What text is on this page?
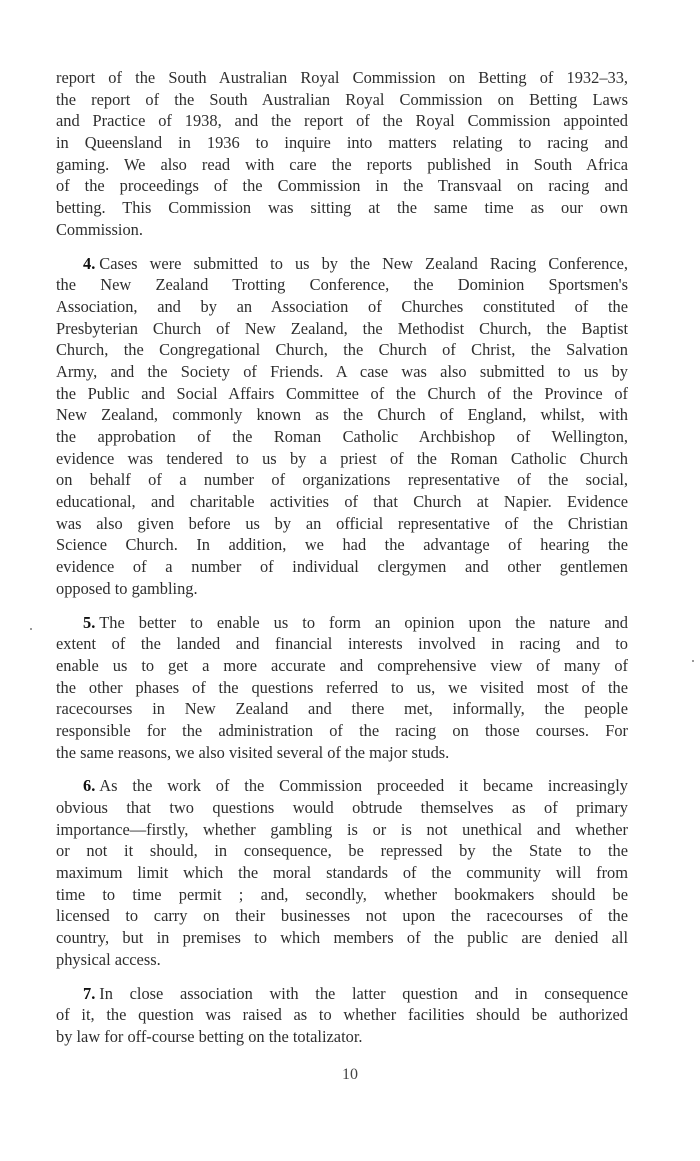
report of the South Australian Royal Commission on Betting of 1932–33,
the report of the South Australian Royal Commission on Betting Laws
and Practice of 1938, and the report of the Royal Commission appointed
in Queensland in 1936 to inquire into matters relating to racing and
gaming. We also read with care the reports published in South Africa
of the proceedings of the Commission in the Transvaal on racing and
betting. This Commission was sitting at the same time as our own
Commission.
4. Cases were submitted to us by the New Zealand Racing Conference,
the New Zealand Trotting Conference, the Dominion Sportsmen's
Association, and by an Association of Churches constituted of the
Presbyterian Church of New Zealand, the Methodist Church, the Baptist
Church, the Congregational Church, the Church of Christ, the Salvation
Army, and the Society of Friends. A case was also submitted to us by
the Public and Social Affairs Committee of the Church of the Province of
New Zealand, commonly known as the Church of England, whilst, with
the approbation of the Roman Catholic Archbishop of Wellington,
evidence was tendered to us by a priest of the Roman Catholic Church
on behalf of a number of organizations representative of the social,
educational, and charitable activities of that Church at Napier. Evidence
was also given before us by an official representative of the Christian
Science Church. In addition, we had the advantage of hearing the
evidence of a number of individual clergymen and other gentlemen
opposed to gambling.
5. The better to enable us to form an opinion upon the nature and
extent of the landed and financial interests involved in racing and to
enable us to get a more accurate and comprehensive view of many of
the other phases of the questions referred to us, we visited most of the
racecourses in New Zealand and there met, informally, the people
responsible for the administration of the racing on those courses. For
the same reasons, we also visited several of the major studs.
6. As the work of the Commission proceeded it became increasingly
obvious that two questions would obtrude themselves as of primary
importance—firstly, whether gambling is or is not unethical and whether
or not it should, in consequence, be repressed by the State to the
maximum limit which the moral standards of the community will from
time to time permit ; and, secondly, whether bookmakers should be
licensed to carry on their businesses not upon the racecourses of the
country, but in premises to which members of the public are denied all
physical access.
7. In close association with the latter question and in consequence
of it, the question was raised as to whether facilities should be authorized
by law for off-course betting on the totalizator.
10
